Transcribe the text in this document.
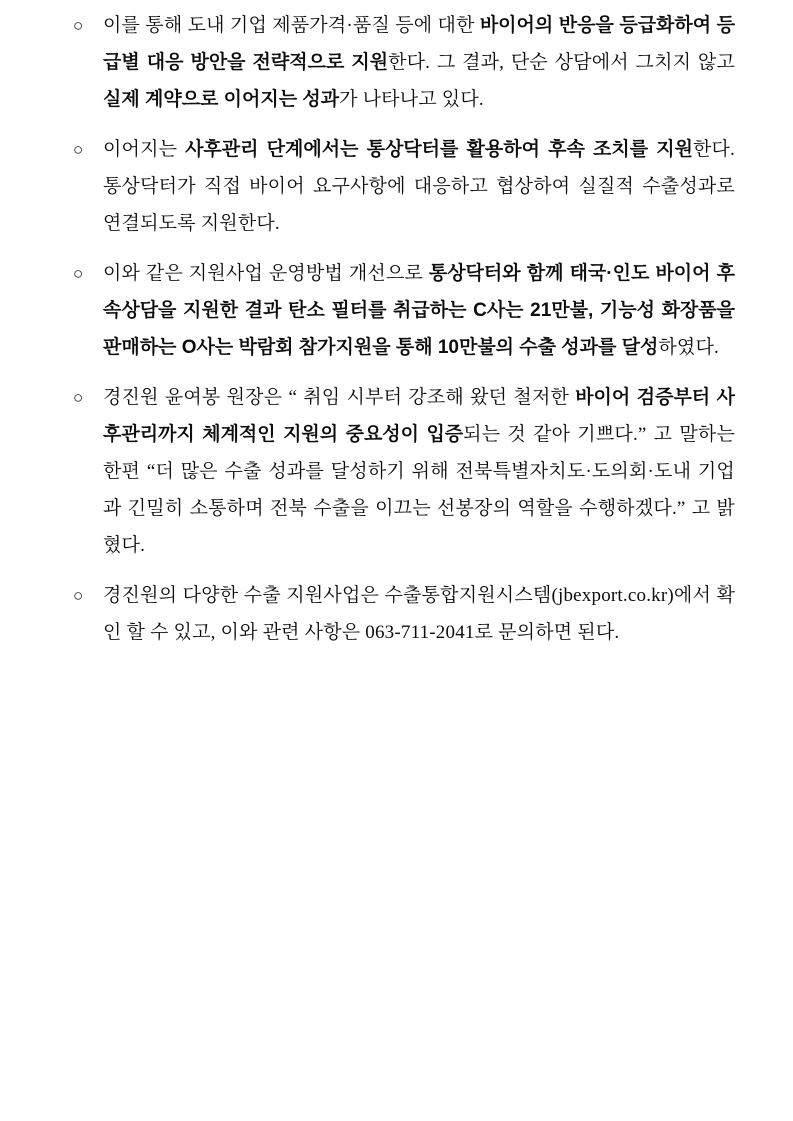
○	이를 통해 도내 기업 제품가격·품질 등에 대한 바이어의 반응을 등급화하여 등급별 대응 방안을 전략적으로 지원한다. 그 결과, 단순 상담에서 그치지 않고 실제 계약으로 이어지는 성과가 나타나고 있다.
○	이어지는 사후관리 단계에서는 통상닥터를 활용하여 후속 조치를 지원한다. 통상닥터가 직접 바이어 요구사항에 대응하고 협상하여 실질적 수출성과로 연결되도록 지원한다.
○	이와 같은 지원사업 운영방법 개선으로 통상닥터와 함께 태국·인도 바이어 후속상담을 지원한 결과 탄소 필터를 취급하는 C사는 21만불, 기능성 화장품을 판매하는 O사는 박람회 참가지원을 통해 10만불의 수출 성과를 달성하였다.
○	경진원 윤여봉 원장은 “ 취임 시부터 강조해 왔던 철저한 바이어 검증부터 사후관리까지 체계적인 지원의 중요성이 입증되는 것 같아 기쁘다.” 고 말하는 한편 “더 많은 수출 성과를 달성하기 위해 전북특별자치도·도의회·도내 기업과 긴밀히 소통하며 전북 수출을 이끄는 선봉장의 역할을 수행하겠다.” 고 밝혔다.
○	경진원의 다양한 수출 지원사업은 수출통합지원시스템(jbexport.co.kr)에서 확인 할 수 있고, 이와 관련 사항은 063-711-2041로 문의하면 된다.
